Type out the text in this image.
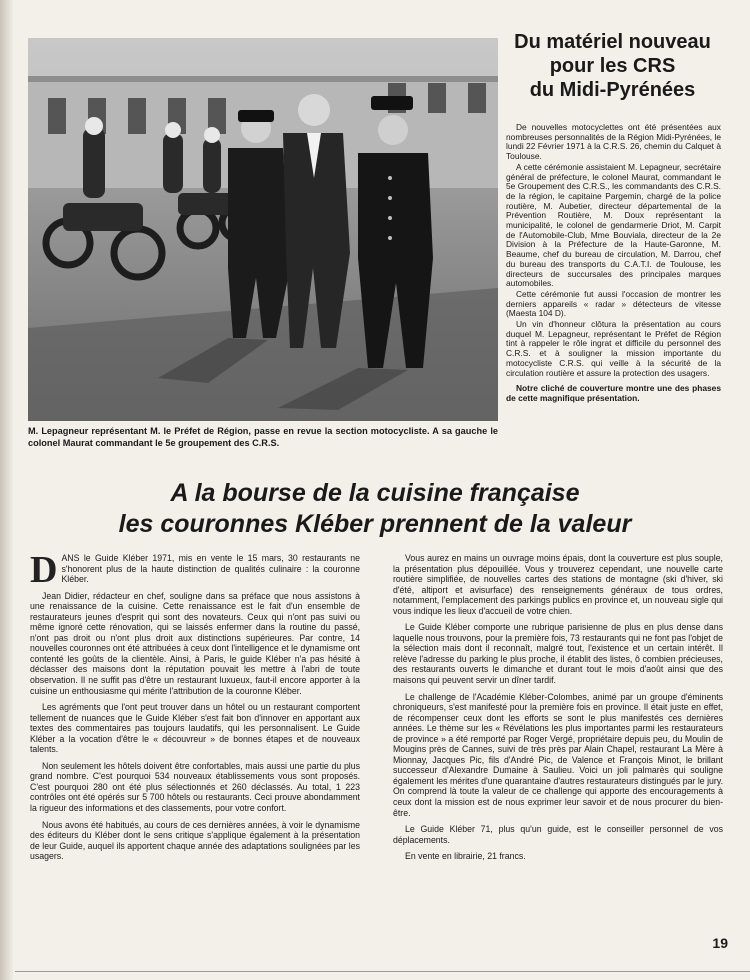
M. Lepagneur représentant M. le Préfet de Région, passe en revue la section motocycliste. A sa gauche le colonel Maurat commandant le 5e groupement des C.R.S.
Du matériel nouveau
pour les CRS
du Midi-Pyrénées

De nouvelles motocyclettes ont été présentées aux nombreuses personnalités de la Région Midi-Pyrénées, le lundi 22 Février 1971 à la C.R.S. 26, chemin du Calquet à Toulouse.

A cette cérémonie assistaient M. Lepagneur, secrétaire général de préfecture, le colonel Maurat, commandant le 5e Groupement des C.R.S., les commandants des C.R.S. de la région, le capitaine Pargemin, chargé de la police routière, M. Aubetier, directeur départemental de la Prévention Routière, M. Doux représentant la municipalité, le colonel de gendarmerie Driot, M. Carpit de l'Automobile-Club, Mme Bouviala, directeur de la 2e Division à la Préfecture de la Haute-Garonne, M. Beaume, chef du bureau de circulation, M. Darrou, chef du bureau des transports du C.A.T.I. de Toulouse, les directeurs de succursales des principales marques automobiles.

Cette cérémonie fut aussi l'occasion de montrer les derniers appareils « radar » détecteurs de vitesse (Maesta 104 D).

Un vin d'honneur clôtura la présentation au cours duquel M. Lepagneur, représentant le Préfet de Région tint à rappeler le rôle ingrat et difficile du personnel des C.R.S. et à souligner la mission importante du motocycliste C.R.S. qui veille à la sécurité de la circulation routière et assure la protection des usagers.

Notre cliché de couverture montre une des phases de cette magnifique présentation.

A la bourse de la cuisine française
les couronnes Kléber prennent de la valeur

DANS le Guide Kléber 1971, mis en vente le 15 mars, 30 restaurants ne s'honorent plus de la haute distinction de qualités culinaire : la couronne Kléber.

Jean Didier, rédacteur en chef, souligne dans sa préface que nous assistons à une renaissance de la cuisine. Cette renaissance est le fait d'un ensemble de restaurateurs jeunes d'esprit qui sont des novateurs. Ceux qui n'ont pas suivi ou même ignoré cette rénovation, qui se laissés enfermer dans la routine du passé, n'ont pas droit ou n'ont plus droit aux distinctions supérieures. Par contre, 14 nouvelles couronnes ont été attribuées à ceux dont l'intelligence et le dynamisme ont contenté les goûts de la clientèle. Ainsi, à Paris, le guide Kléber n'a pas hésité à déclasser des maisons dont la réputation pouvait les mettre à l'abri de toute observation. Il ne suffit pas d'être un restaurant luxueux, faut-il encore apporter à la cuisine un enthousiasme qui mérite l'attribution de la couronne Kléber.

Les agréments que l'ont peut trouver dans un hôtel ou un restaurant comportent tellement de nuances que le Guide Kléber s'est fait bon d'innover en apportant aux textes des commentaires pas toujours laudatifs, qui les personnalisent. Le Guide Kléber a la vocation d'être le « découvreur » de bonnes étapes et de nouveaux talents.

Non seulement les hôtels doivent être confortables, mais aussi une partie du plus grand nombre. C'est pourquoi 534 nouveaux établissements vous sont proposés. C'est pourquoi 280 ont été plus sélectionnés et 260 déclassés. Au total, 1 223 contrôles ont été opérés sur 5 700 hôtels ou restaurants. Ceci prouve abondamment la rigueur des informations et des classements, pour votre confort.

Nous avons été habitués, au cours de ces dernières années, à voir le dynamisme des éditeurs du Kléber dont le sens critique s'applique également à la présentation de leur Guide, auquel ils apportent chaque année des adaptations soulignées par les usagers.

Vous aurez en mains un ouvrage moins épais, dont la couverture est plus souple, la présentation plus dépouillée. Vous y trouverez cependant, une nouvelle carte routière simplifiée, de nouvelles cartes des stations de montagne (ski d'hiver, ski d'été, altiport et avisurface) des renseignements généraux de tous ordres, notamment, l'emplacement des parkings publics en province et, un nouveau sigle qui vous indique les lieux d'accueil de votre chien.

Le Guide Kléber comporte une rubrique parisienne de plus en plus dense dans laquelle nous trouvons, pour la première fois, 73 restaurants qui ne font pas l'objet de la sélection mais dont il reconnaît, malgré tout, l'existence et un certain intérêt. Il relève l'adresse du parking le plus proche, il établit des listes, ô combien précieuses, des restaurants ouverts le dimanche et durant tout le mois d'août ainsi que des maisons qui peuvent servir un dîner tardif.

Le challenge de l'Académie Kléber-Colombes, animé par un groupe d'éminents chroniqueurs, s'est manifesté pour la première fois en province. Il était juste en effet, de récompenser ceux dont les efforts se sont le plus manifestés ces dernières années. Le thème sur les « Révélations les plus importantes parmi les restaurateurs de province » a été remporté par Roger Vergé, propriétaire depuis peu, du Moulin de Mougins près de Cannes, suivi de très près par Alain Chapel, restaurant La Mère à Mionnay, Jacques Pic, fils d'André Pic, de Valence et François Minot, le brillant successeur d'Alexandre Dumaine à Saulieu. Voici un joli palmarès qui souligne également les mérites d'une quarantaine d'autres restaurateurs distingués par le jury. On comprend là toute la valeur de ce challenge qui apporte des encouragements à ceux dont la mission est de nous exprimer leur savoir et de nous procurer du bien-être.

Le Guide Kléber 71, plus qu'un guide, est le conseiller personnel de vos déplacements.

En vente en librairie, 21 francs.

19
